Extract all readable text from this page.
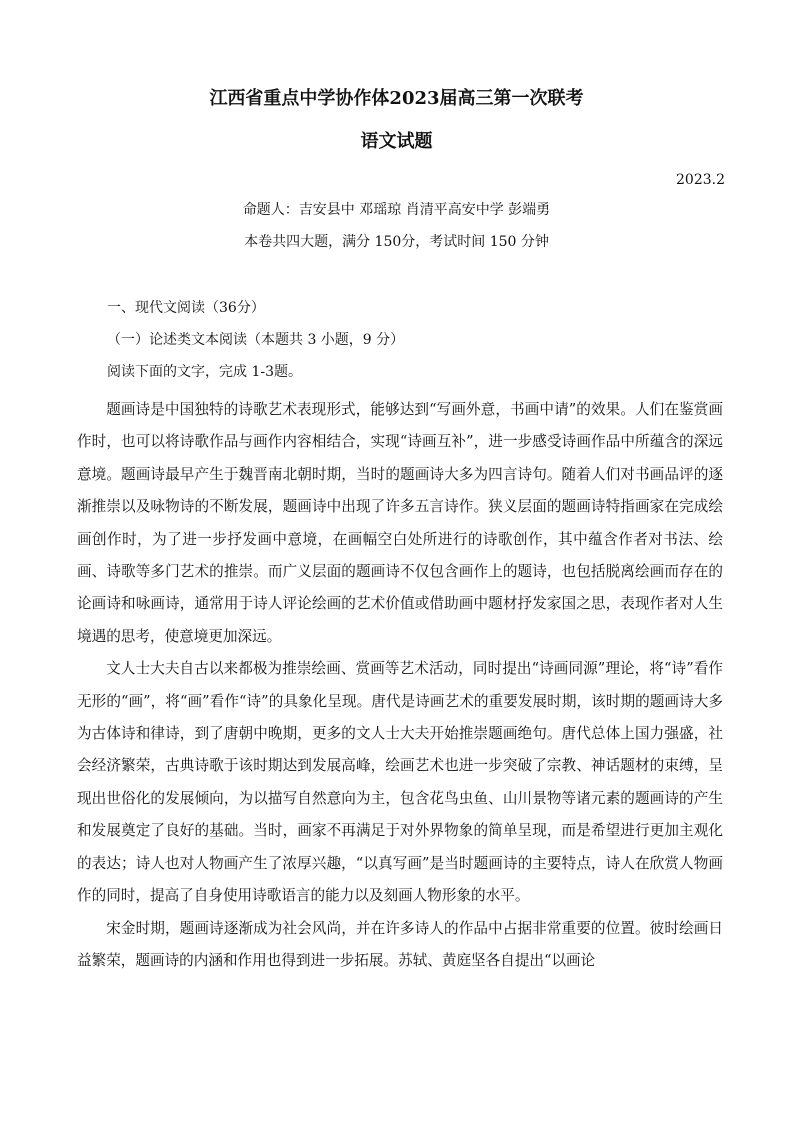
江西省重点中学协作体2023届高三第一次联考
语文试题
2023.2
命题人：吉安县中 邓瑶琼 肖清平高安中学 彭端勇
本卷共四大题，满分 150分，考试时间 150 分钟
一、现代文阅读（36分）
（一）论述类文本阅读（本题共 3 小题，9 分）
阅读下面的文字，完成 1-3题。

题画诗是中国独特的诗歌艺术表现形式，能够达到“写画外意，书画中请”的效果。人们在鉴赏画作时，也可以将诗歌作品与画作内容相结合，实现“诗画互补”，进一步感受诗画作品中所蕴含的深远意境。题画诗最早产生于魏晋南北朝时期，当时的题画诗大多为四言诗句。随着人们对书画品评的逐渐推崇以及咏物诗的不断发展，题画诗中出现了许多五言诗作。狭义层面的题画诗特指画家在完成绘画创作时，为了进一步抒发画中意境，在画幅空白处所进行的诗歌创作，其中蕴含作者对书法、绘画、诗歌等多门艺术的推崇。而广义层面的题画诗不仅包含画作上的题诗，也包括脱离绘画而存在的论画诗和咏画诗，通常用于诗人评论绘画的艺术价值或借助画中题材抒发家国之思，表现作者对人生境遇的思考，使意境更加深远。

文人士大夫自古以来都极为推崇绘画、赏画等艺术活动，同时提出“诗画同源”理论，将“诗”看作无形的“画”，将“画”看作“诗”的具象化呈现。唐代是诗画艺术的重要发展时期，该时期的题画诗大多为古体诗和律诗，到了唐朝中晚期，更多的文人士大夫开始推崇题画绝句。唐代总体上国力强盛，社会经济繁荣，古典诗歌于该时期达到发展高峰，绘画艺术也进一步突破了宗教、神话题材的束缚，呈现出世俗化的发展倾向，为以描写自然意向为主，包含花鸟虫鱼、山川景物等诸元素的题画诗的产生和发展奠定了良好的基础。当时，画家不再满足于对外界物象的简单呈现，而是希望进行更加主观化的表达；诗人也对人物画产生了浓厚兴趣，“以真写画”是当时题画诗的主要特点，诗人在欣赏人物画作的同时，提高了自身使用诗歌语言的能力以及刻画人物形象的水平。

宋金时期，题画诗逐渐成为社会风尚，并在许多诗人的作品中占据非常重要的位置。彼时绘画日益繁荣，题画诗的内涵和作用也得到进一步拓展。苏轼、黄庭坚各自提出“以画论
